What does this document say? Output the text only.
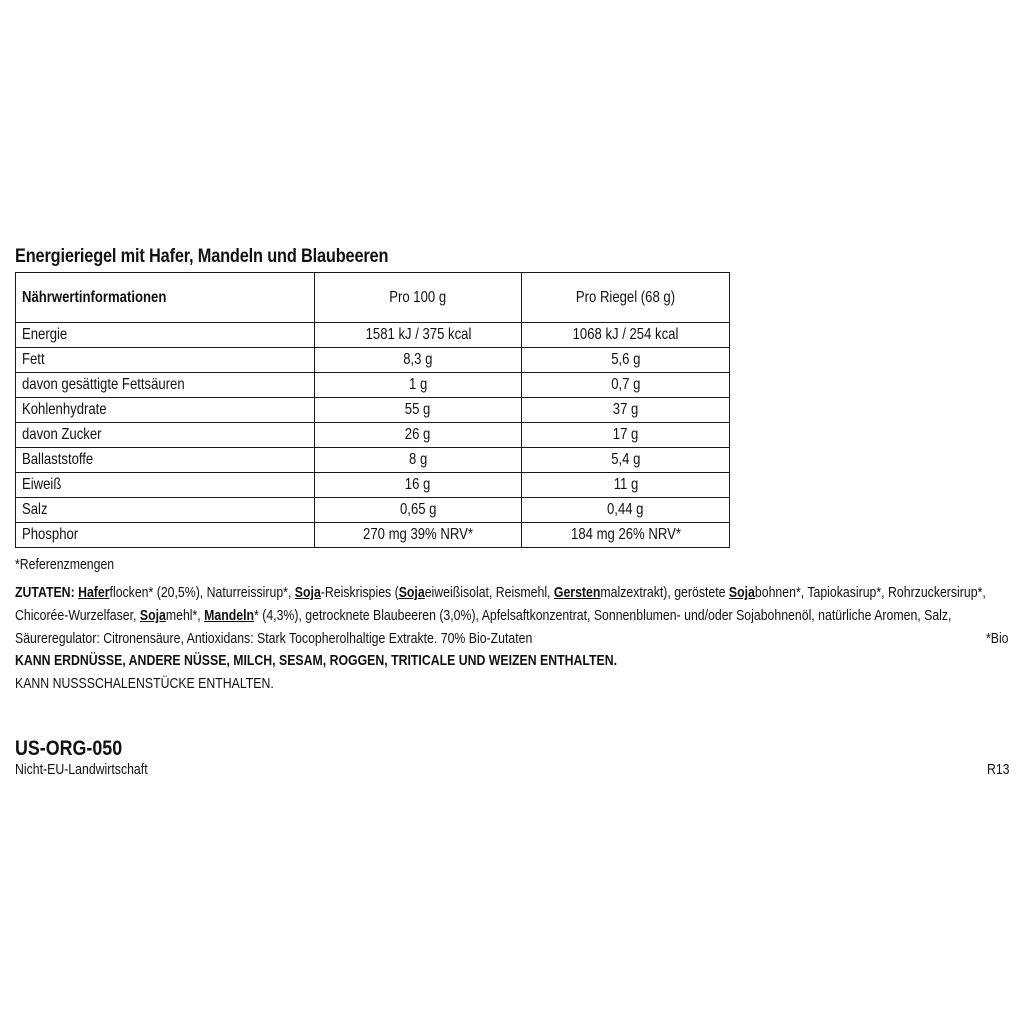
Energieriegel mit Hafer, Mandeln und Blaubeeren
Nährwertinformationen	Pro 100 g	Pro Riegel (68 g)
Energie	1581 kJ / 375 kcal	1068 kJ / 254 kcal
Fett	8,3 g	5,6 g
davon gesättigte Fettsäuren	1 g	0,7 g
Kohlenhydrate	55 g	37 g
davon Zucker	26 g	17 g
Ballaststoffe	8 g	5,4 g
Eiweiß	16 g	11 g
Salz	0,65 g	0,44 g
Phosphor	270 mg 39% NRV*	184 mg 26% NRV*
*Referenzmengen
ZUTATEN: Haferflocken* (20,5%), Naturreissirup*, Soja-Reiskrispies (Sojaeiweißisolat, Reismehl, Gerstenmalzextrakt), geröstete Sojabohnen*, Tapiokasirup*, Rohrzuckersirup*,
Chicorée-Wurzelfaser, Sojamehl*, Mandeln* (4,3%), getrocknete Blaubeeren (3,0%), Apfelsaftkonzentrat, Sonnenblumen- und/oder Sojabohnenöl, natürliche Aromen, Salz,
Säureregulator: Citronensäure, Antioxidans: Stark Tocopherolhaltige Extrakte. 70% Bio-Zutaten	*Bio
KANN ERDNÜSSE, ANDERE NÜSSE, MILCH, SESAM, ROGGEN, TRITICALE UND WEIZEN ENTHALTEN.
KANN NUSSSCHALENSTÜCKE ENTHALTEN.
US-ORG-050
Nicht-EU-Landwirtschaft	R13
